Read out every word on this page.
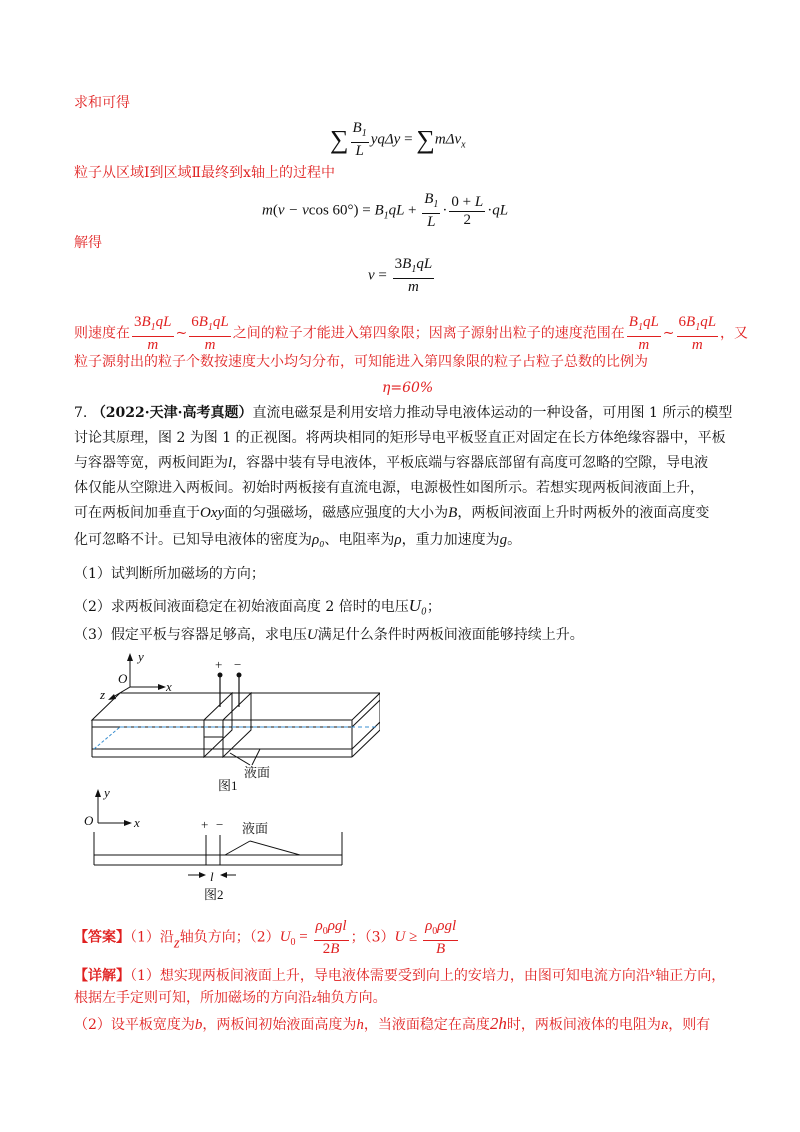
求和可得
∑ $\frac{B_1}{L}$ yqΔy = ∑mΔv$_x$
粒子从区域Ⅰ到区域Ⅱ最终到x轴上的过程中
m(v − vcos $60^\circ) = B_1qL + \frac{B_1}{L} \cdot \frac{0 + L}{2} \cdot qL$
解得
$v = \frac{3B_1qL}{m}$
则速度在 $\frac{3B_1qL}{m}$ ~ $\frac{6B_1qL}{m}$ 之间的粒子才能进入第四象限；因离子源射出粒子的速度范围在 $\frac{B_1qL}{m}$ ~ $\frac{6B_1qL}{m}$ ，又
粒子源射出的粒子个数按速度大小均匀分布，可知能进入第四象限的粒子占粒子总数的比例为
η=60%
7. （2022·天津·高考真题）直流电磁泵是利用安培力推动导电液体运动的一种设备，可用图 1 所示的模型
讨论其原理，图 2 为图 1 的正视图。将两块相同的矩形导电平板竖直正对固定在长方体绝缘容器中，平板
与容器等宽，两板间距为l，容器中装有导电液体，平板底端与容器底部留有高度可忽略的空隙，导电液
体仅能从空隙进入两板间。初始时两板接有直流电源，电源极性如图所示。若想实现两板间液面上升，
可在两板间加垂直于Oxy面的匀强磁场，磁感应强度的大小为B，两板间液面上升时两板外的液面高度变
化可忽略不计。已知导电液体的密度为ρ₀、电阻率为ρ，重力加速度为g。
（1）试判断所加磁场的方向；
（2）求两板间液面稳定在初始液面高度 2 倍时的电压U₀；
（3）假定平板与容器足够高，求电压U满足什么条件时两板间液面能够持续上升。
y
x
z
O
+ −
液面
图1
y
x
O	+ − 液面
l
图2
【答案】（1）沿z轴负方向；$(2)U_0 = \frac{\rho_0\rho gl}{2B}$ ；$(3)U \ge \frac{\rho_0\rho gl}{B}$
【详解】（1）想实现两板间液面上升，导电液体需要受到向上的安培力，由图可知电流方向沿x轴正方向，
根据左手定则可知，所加磁场的方向沿z轴负方向。
（2）设平板宽度为b，两板间初始液面高度为h，当液面稳定在高度2h时，两板间液体的电阻为R，则有
